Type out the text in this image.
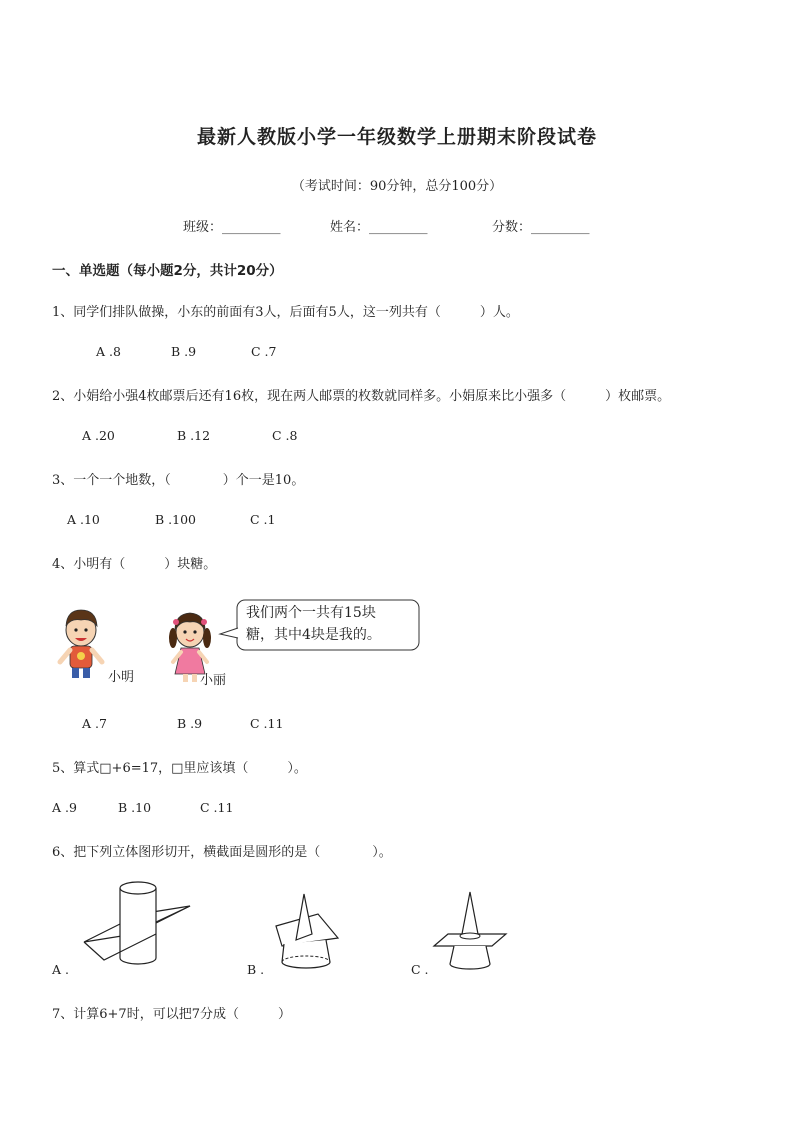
最新人教版小学一年级数学上册期末阶段试卷
（考试时间：90分钟，总分100分）
班级：_________	姓名：_________	分数：_________
一、单选题（每小题2分，共计20分）
1、同学们排队做操，小东的前面有3人，后面有5人，这一列共有（　　　）人。
A .8	B .9	C .7
2、小娟给小强4枚邮票后还有16枚，现在两人邮票的枚数就同样多。小娟原来比小强多（　　　）枚邮票。
A .20	B .12	C .8
3、一个一个地数，（　　　　）个一是10。
A .10	B .100	C .1
4、小明有（　　　）块糖。
我们两个一共有15块
糖，其中4块是我的。
小明	小丽
A .7	B .9	C .11
5、算式□+6=17，□里应该填（　　　）。
A .9	B .10	C .11
6、把下列立体图形切开，横截面是圆形的是（　　　　）。
A .	B .	C .
7、计算6+7时，可以把7分成（　　　）
